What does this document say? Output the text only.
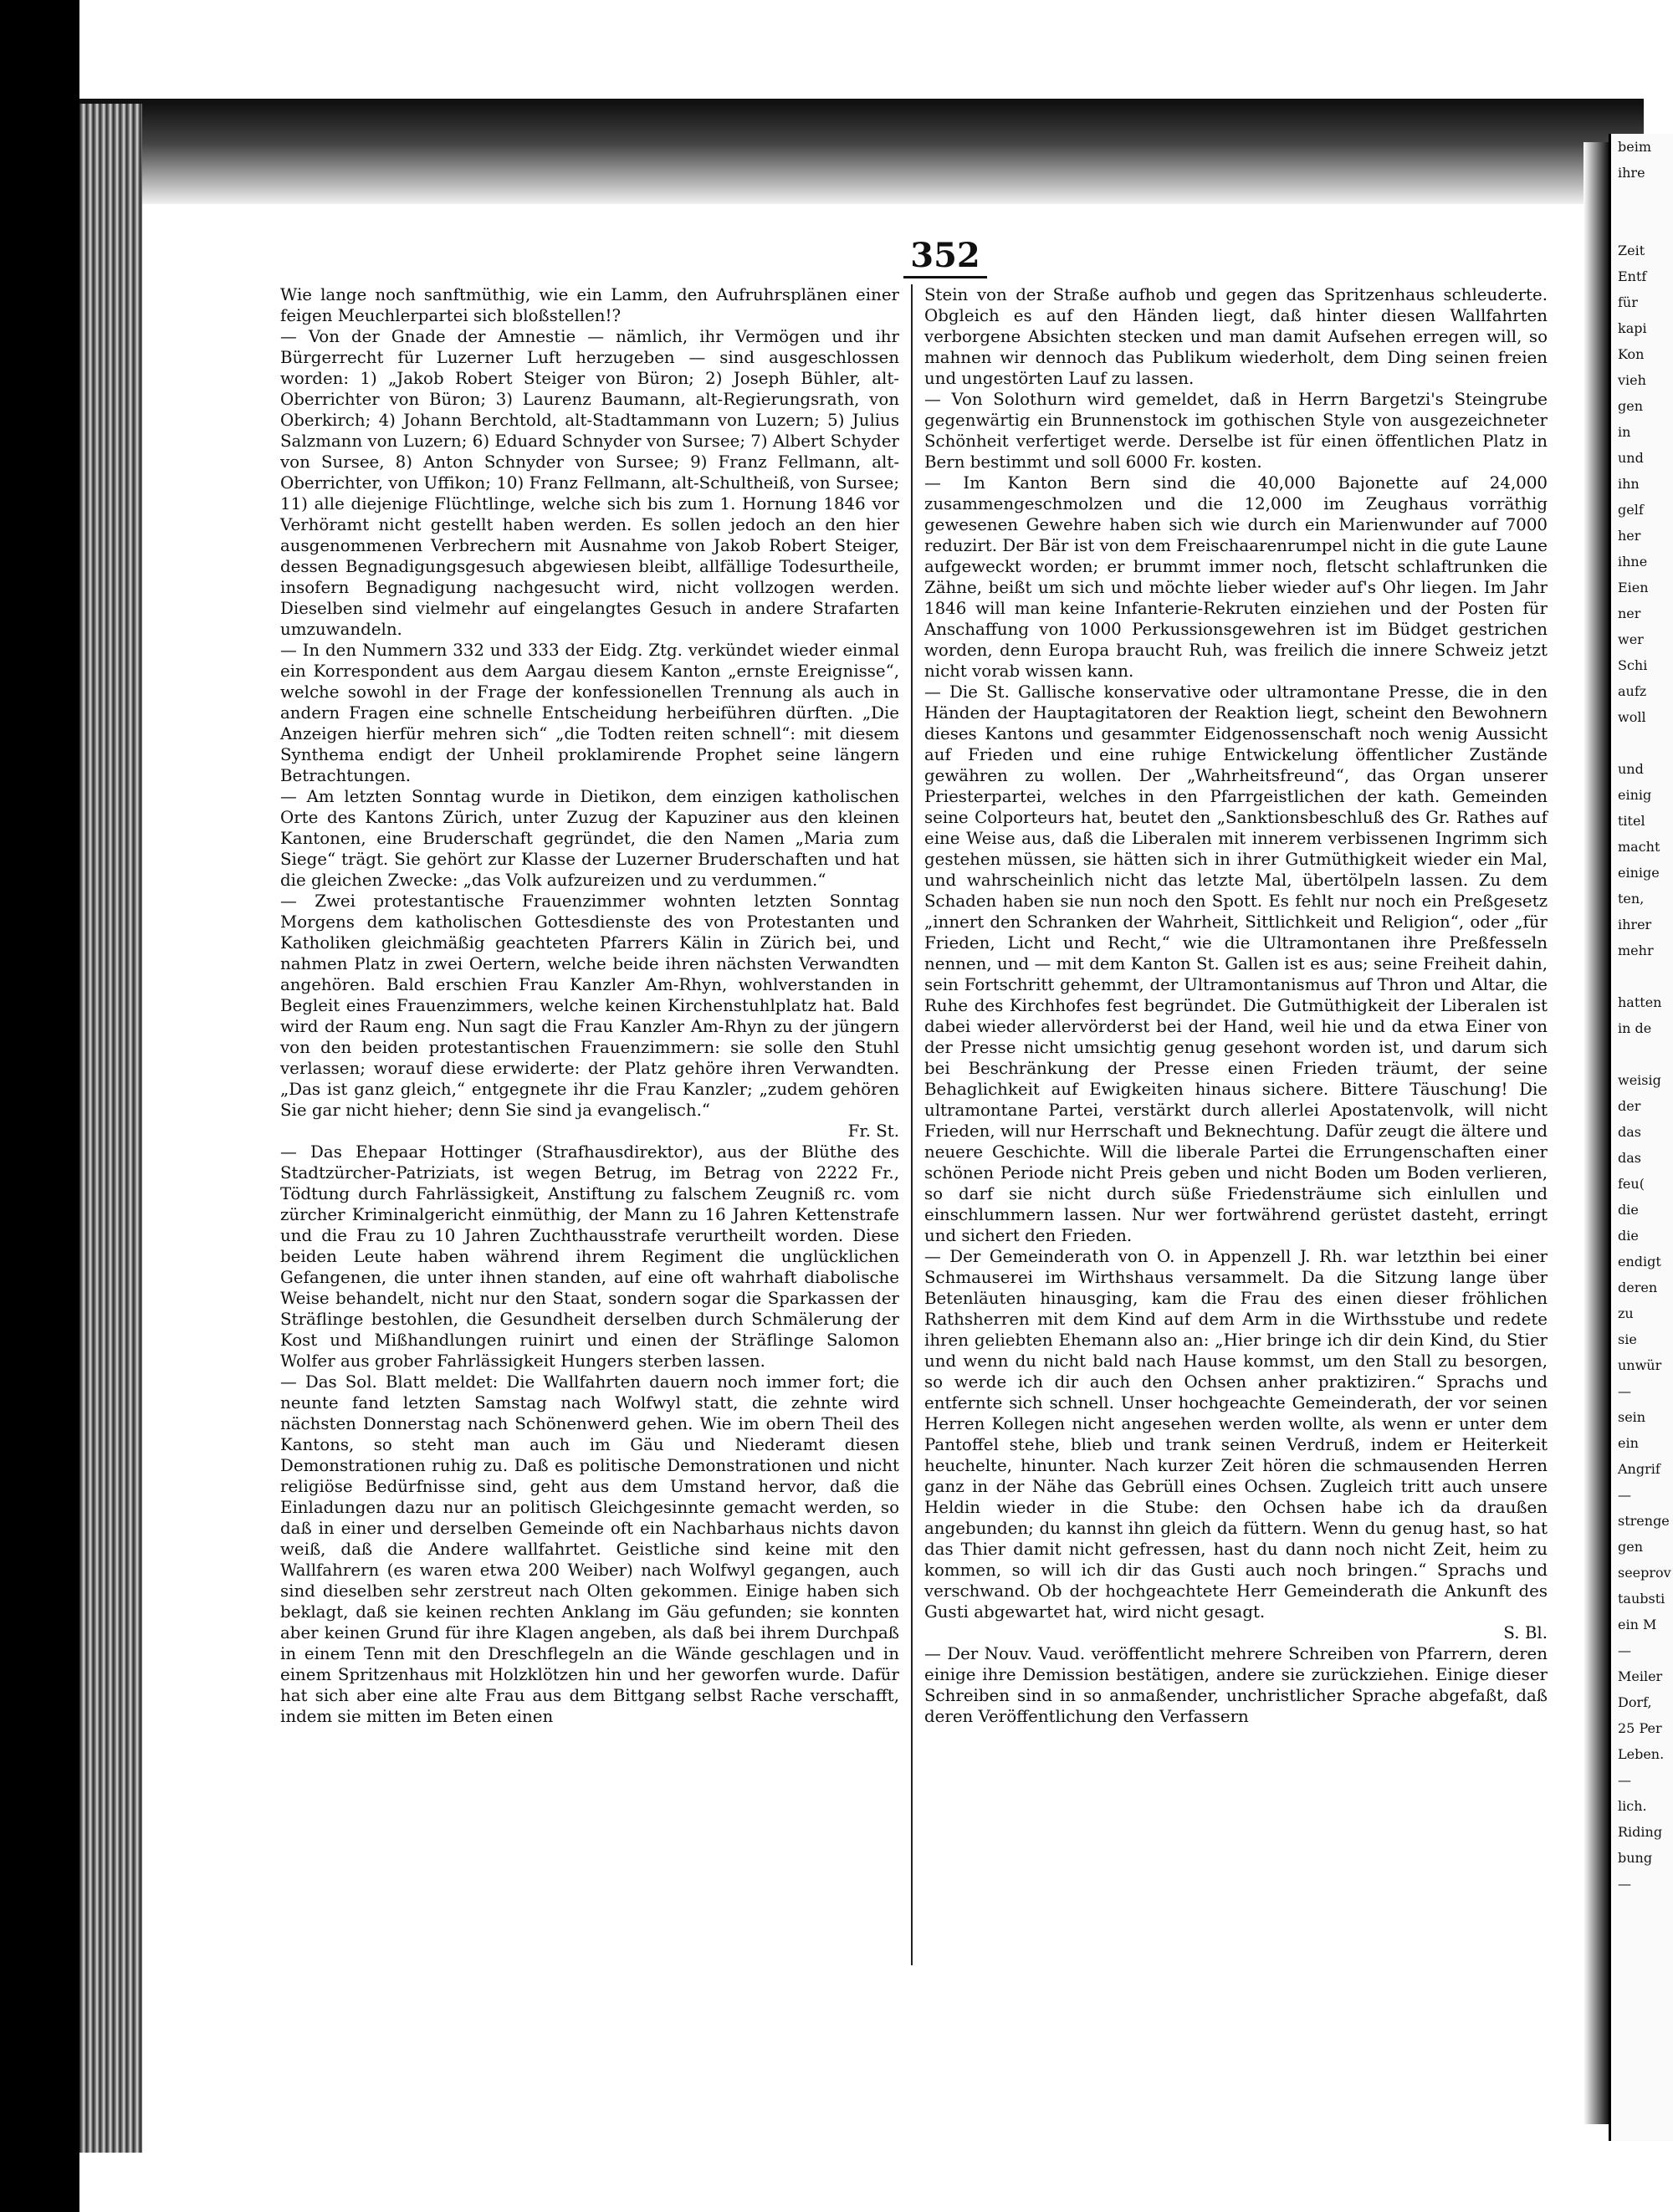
beim
ihre

Zeit
Entf
für
kapi
Kon
vieh
gen
in
und
ihn
gelf
her
ihne
Eien
ner
wer
Schi
aufz
woll

und
einig
titel
macht
einige
ten,
ihrer
mehr

hatten
in de

weisig
der
das
das
feu(
die
die
endigt
deren
zu
sie
unwür
—
sein
ein
Angrif
—
strenge
gen
seeprov
taubsti
ein M
—
Meiler
Dorf,
25 Per
Leben.
—
lich.
Riding
bung
—
352

Wie lange noch sanftmüthig, wie ein Lamm, den Aufruhrsplänen einer feigen Meuchlerpartei sich bloßstellen!?

— Von der Gnade der Amnestie — nämlich, ihr Vermögen und ihr Bürgerrecht für Luzerner Luft herzugeben — sind ausgeschlossen worden: 1) „Jakob Robert Steiger von Büron; 2) Joseph Bühler, alt-Oberrichter von Büron; 3) Laurenz Baumann, alt-Regierungsrath, von Oberkirch; 4) Johann Berchtold, alt-Stadtammann von Luzern; 5) Julius Salzmann von Luzern; 6) Eduard Schnyder von Sursee; 7) Albert Schyder von Sursee, 8) Anton Schnyder von Sursee; 9) Franz Fellmann, alt-Oberrichter, von Uffikon; 10) Franz Fellmann, alt-Schultheiß, von Sursee; 11) alle diejenige Flüchtlinge, welche sich bis zum 1. Hornung 1846 vor Verhöramt nicht gestellt haben werden. Es sollen jedoch an den hier ausgenommenen Verbrechern mit Ausnahme von Jakob Robert Steiger, dessen Begnadigungsgesuch abgewiesen bleibt, allfällige Todesurtheile, insofern Begnadigung nachgesucht wird, nicht vollzogen werden. Dieselben sind vielmehr auf eingelangtes Gesuch in andere Strafarten umzuwandeln.

— In den Nummern 332 und 333 der Eidg. Ztg. verkündet wieder einmal ein Korrespondent aus dem Aargau diesem Kanton „ernste Ereignisse“, welche sowohl in der Frage der konfessionellen Trennung als auch in andern Fragen eine schnelle Entscheidung herbeiführen dürften. „Die Anzeigen hierfür mehren sich“ „die Todten reiten schnell“: mit diesem Synthema endigt der Unheil proklamirende Prophet seine längern Betrachtungen.

— Am letzten Sonntag wurde in Dietikon, dem einzigen katholischen Orte des Kantons Zürich, unter Zuzug der Kapuziner aus den kleinen Kantonen, eine Bruderschaft gegründet, die den Namen „Maria zum Siege“ trägt. Sie gehört zur Klasse der Luzerner Bruderschaften und hat die gleichen Zwecke: „das Volk aufzureizen und zu verdummen.“

— Zwei protestantische Frauenzimmer wohnten letzten Sonntag Morgens dem katholischen Gottesdienste des von Protestanten und Katholiken gleichmäßig geachteten Pfarrers Kälin in Zürich bei, und nahmen Platz in zwei Oertern, welche beide ihren nächsten Verwandten angehören. Bald erschien Frau Kanzler Am-Rhyn, wohlverstanden in Begleit eines Frauenzimmers, welche keinen Kirchenstuhlplatz hat. Bald wird der Raum eng. Nun sagt die Frau Kanzler Am-Rhyn zu der jüngern von den beiden protestantischen Frauenzimmern: sie solle den Stuhl verlassen; worauf diese erwiderte: der Platz gehöre ihren Verwandten. „Das ist ganz gleich,“ entgegnete ihr die Frau Kanzler; „zudem gehören Sie gar nicht hieher; denn Sie sind ja evangelisch.“

Fr. St.

— Das Ehepaar Hottinger (Strafhausdirektor), aus der Blüthe des Stadtzürcher-Patriziats, ist wegen Betrug, im Betrag von 2222 Fr., Tödtung durch Fahrlässigkeit, Anstiftung zu falschem Zeugniß rc. vom zürcher Kriminalgericht einmüthig, der Mann zu 16 Jahren Kettenstrafe und die Frau zu 10 Jahren Zuchthausstrafe verurtheilt worden. Diese beiden Leute haben während ihrem Regiment die unglücklichen Gefangenen, die unter ihnen standen, auf eine oft wahrhaft diabolische Weise behandelt, nicht nur den Staat, sondern sogar die Sparkassen der Sträflinge bestohlen, die Gesundheit derselben durch Schmälerung der Kost und Mißhandlungen ruinirt und einen der Sträflinge Salomon Wolfer aus grober Fahrlässigkeit Hungers sterben lassen.

— Das Sol. Blatt meldet: Die Wallfahrten dauern noch immer fort; die neunte fand letzten Samstag nach Wolfwyl statt, die zehnte wird nächsten Donnerstag nach Schönenwerd gehen. Wie im obern Theil des Kantons, so steht man auch im Gäu und Niederamt diesen Demonstrationen ruhig zu. Daß es politische Demonstrationen und nicht religiöse Bedürfnisse sind, geht aus dem Umstand hervor, daß die Einladungen dazu nur an politisch Gleichgesinnte gemacht werden, so daß in einer und derselben Gemeinde oft ein Nachbarhaus nichts davon weiß, daß die Andere wallfahrtet. Geistliche sind keine mit den Wallfahrern (es waren etwa 200 Weiber) nach Wolfwyl gegangen, auch sind dieselben sehr zerstreut nach Olten gekommen. Einige haben sich beklagt, daß sie keinen rechten Anklang im Gäu gefunden; sie konnten aber keinen Grund für ihre Klagen angeben, als daß bei ihrem Durchpaß in einem Tenn mit den Dreschflegeln an die Wände geschlagen und in einem Spritzenhaus mit Holzklötzen hin und her geworfen wurde. Dafür hat sich aber eine alte Frau aus dem Bittgang selbst Rache verschafft, indem sie mitten im Beten einen

Stein von der Straße aufhob und gegen das Spritzenhaus schleuderte. Obgleich es auf den Händen liegt, daß hinter diesen Wallfahrten verborgene Absichten stecken und man damit Aufsehen erregen will, so mahnen wir dennoch das Publikum wiederholt, dem Ding seinen freien und ungestörten Lauf zu lassen.

— Von Solothurn wird gemeldet, daß in Herrn Bargetzi's Steingrube gegenwärtig ein Brunnenstock im gothischen Style von ausgezeichneter Schönheit verfertiget werde. Derselbe ist für einen öffentlichen Platz in Bern bestimmt und soll 6000 Fr. kosten.

— Im Kanton Bern sind die 40,000 Bajonette auf 24,000 zusammengeschmolzen und die 12,000 im Zeughaus vorräthig gewesenen Gewehre haben sich wie durch ein Marienwunder auf 7000 reduzirt. Der Bär ist von dem Freischaarenrumpel nicht in die gute Laune aufgeweckt worden; er brummt immer noch, fletscht schlaftrunken die Zähne, beißt um sich und möchte lieber wieder auf's Ohr liegen. Im Jahr 1846 will man keine Infanterie-Rekruten einziehen und der Posten für Anschaffung von 1000 Perkussionsgewehren ist im Büdget gestrichen worden, denn Europa braucht Ruh, was freilich die innere Schweiz jetzt nicht vorab wissen kann.

— Die St. Gallische konservative oder ultramontane Presse, die in den Händen der Hauptagitatoren der Reaktion liegt, scheint den Bewohnern dieses Kantons und gesammter Eidgenossenschaft noch wenig Aussicht auf Frieden und eine ruhige Entwickelung öffentlicher Zustände gewähren zu wollen. Der „Wahrheitsfreund“, das Organ unserer Priesterpartei, welches in den Pfarrgeistlichen der kath. Gemeinden seine Colporteurs hat, beutet den „Sanktionsbeschluß des Gr. Rathes auf eine Weise aus, daß die Liberalen mit innerem verbissenen Ingrimm sich gestehen müssen, sie hätten sich in ihrer Gutmüthigkeit wieder ein Mal, und wahrscheinlich nicht das letzte Mal, übertölpeln lassen. Zu dem Schaden haben sie nun noch den Spott. Es fehlt nur noch ein Preßgesetz „innert den Schranken der Wahrheit, Sittlichkeit und Religion“, oder „für Frieden, Licht und Recht,“ wie die Ultramontanen ihre Preßfesseln nennen, und — mit dem Kanton St. Gallen ist es aus; seine Freiheit dahin, sein Fortschritt gehemmt, der Ultramontanismus auf Thron und Altar, die Ruhe des Kirchhofes fest begründet. Die Gutmüthigkeit der Liberalen ist dabei wieder allervörderst bei der Hand, weil hie und da etwa Einer von der Presse nicht umsichtig genug gesehont worden ist, und darum sich bei Beschränkung der Presse einen Frieden träumt, der seine Behaglichkeit auf Ewigkeiten hinaus sichere. Bittere Täuschung! Die ultramontane Partei, verstärkt durch allerlei Apostatenvolk, will nicht Frieden, will nur Herrschaft und Beknechtung. Dafür zeugt die ältere und neuere Geschichte. Will die liberale Partei die Errungenschaften einer schönen Periode nicht Preis geben und nicht Boden um Boden verlieren, so darf sie nicht durch süße Friedensträume sich einlullen und einschlummern lassen. Nur wer fortwährend gerüstet dasteht, erringt und sichert den Frieden.

— Der Gemeinderath von O. in Appenzell J. Rh. war letzthin bei einer Schmauserei im Wirthshaus versammelt. Da die Sitzung lange über Betenläuten hinausging, kam die Frau des einen dieser fröhlichen Rathsherren mit dem Kind auf dem Arm in die Wirthsstube und redete ihren geliebten Ehemann also an: „Hier bringe ich dir dein Kind, du Stier und wenn du nicht bald nach Hause kommst, um den Stall zu besorgen, so werde ich dir auch den Ochsen anher praktiziren.“ Sprachs und entfernte sich schnell. Unser hochgeachte Gemeinderath, der vor seinen Herren Kollegen nicht angesehen werden wollte, als wenn er unter dem Pantoffel stehe, blieb und trank seinen Verdruß, indem er Heiterkeit heuchelte, hinunter. Nach kurzer Zeit hören die schmausenden Herren ganz in der Nähe das Gebrüll eines Ochsen. Zugleich tritt auch unsere Heldin wieder in die Stube: den Ochsen habe ich da draußen angebunden; du kannst ihn gleich da füttern. Wenn du genug hast, so hat das Thier damit nicht gefressen, hast du dann noch nicht Zeit, heim zu kommen, so will ich dir das Gusti auch noch bringen.“ Sprachs und verschwand. Ob der hochgeachtete Herr Gemeinderath die Ankunft des Gusti abgewartet hat, wird nicht gesagt.

S. Bl.

— Der Nouv. Vaud. veröffentlicht mehrere Schreiben von Pfarrern, deren einige ihre Demission bestätigen, andere sie zurückziehen. Einige dieser Schreiben sind in so anmaßender, unchristlicher Sprache abgefaßt, daß deren Veröffentlichung den Verfassern
